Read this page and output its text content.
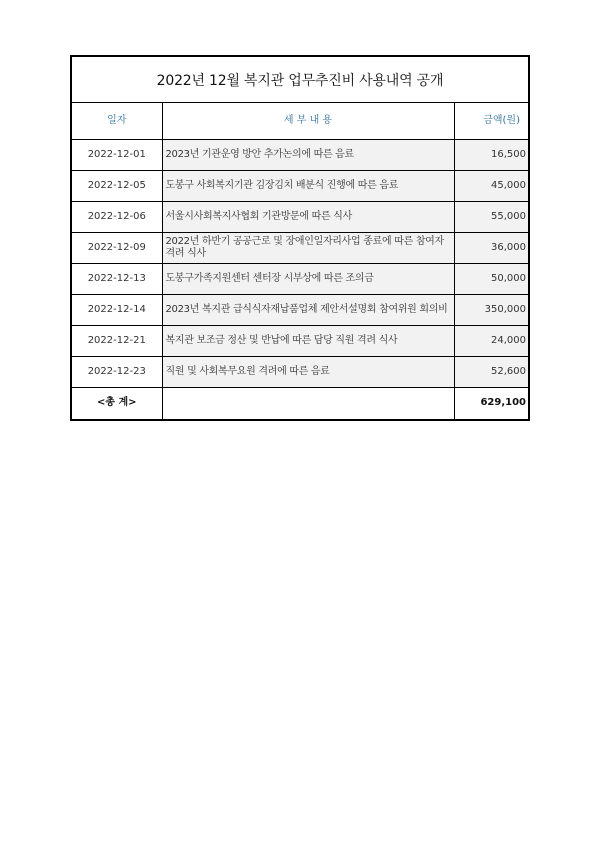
2022년 12월 복지관 업무추진비 사용내역 공개
일자	세 부 내 용	금액(원)
2022-12-01	2023년 기관운영 방안 추가논의에 따른 음료	16,500
2022-12-05	도봉구 사회복지기관 김장김치 배분식 진행에 따른 음료	45,000
2022-12-06	서울시사회복지사협회 기관방문에 따른 식사	55,000
2022-12-09	2022년 하반기 공공근로 및 장애인일자리사업 종료에 따른 참여자 격려 식사	36,000
2022-12-13	도봉구가족지원센터 센터장 시부상에 따른 조의금	50,000
2022-12-14	2023년 복지관 급식식자재납품업체 제안서설명회 참여위원 회의비	350,000
2022-12-21	복지관 보조금 정산 및 반납에 따른 담당 직원 격려 식사	24,000
2022-12-23	직원 및 사회복무요원 격려에 따른 음료	52,600
<총 계>		629,100
